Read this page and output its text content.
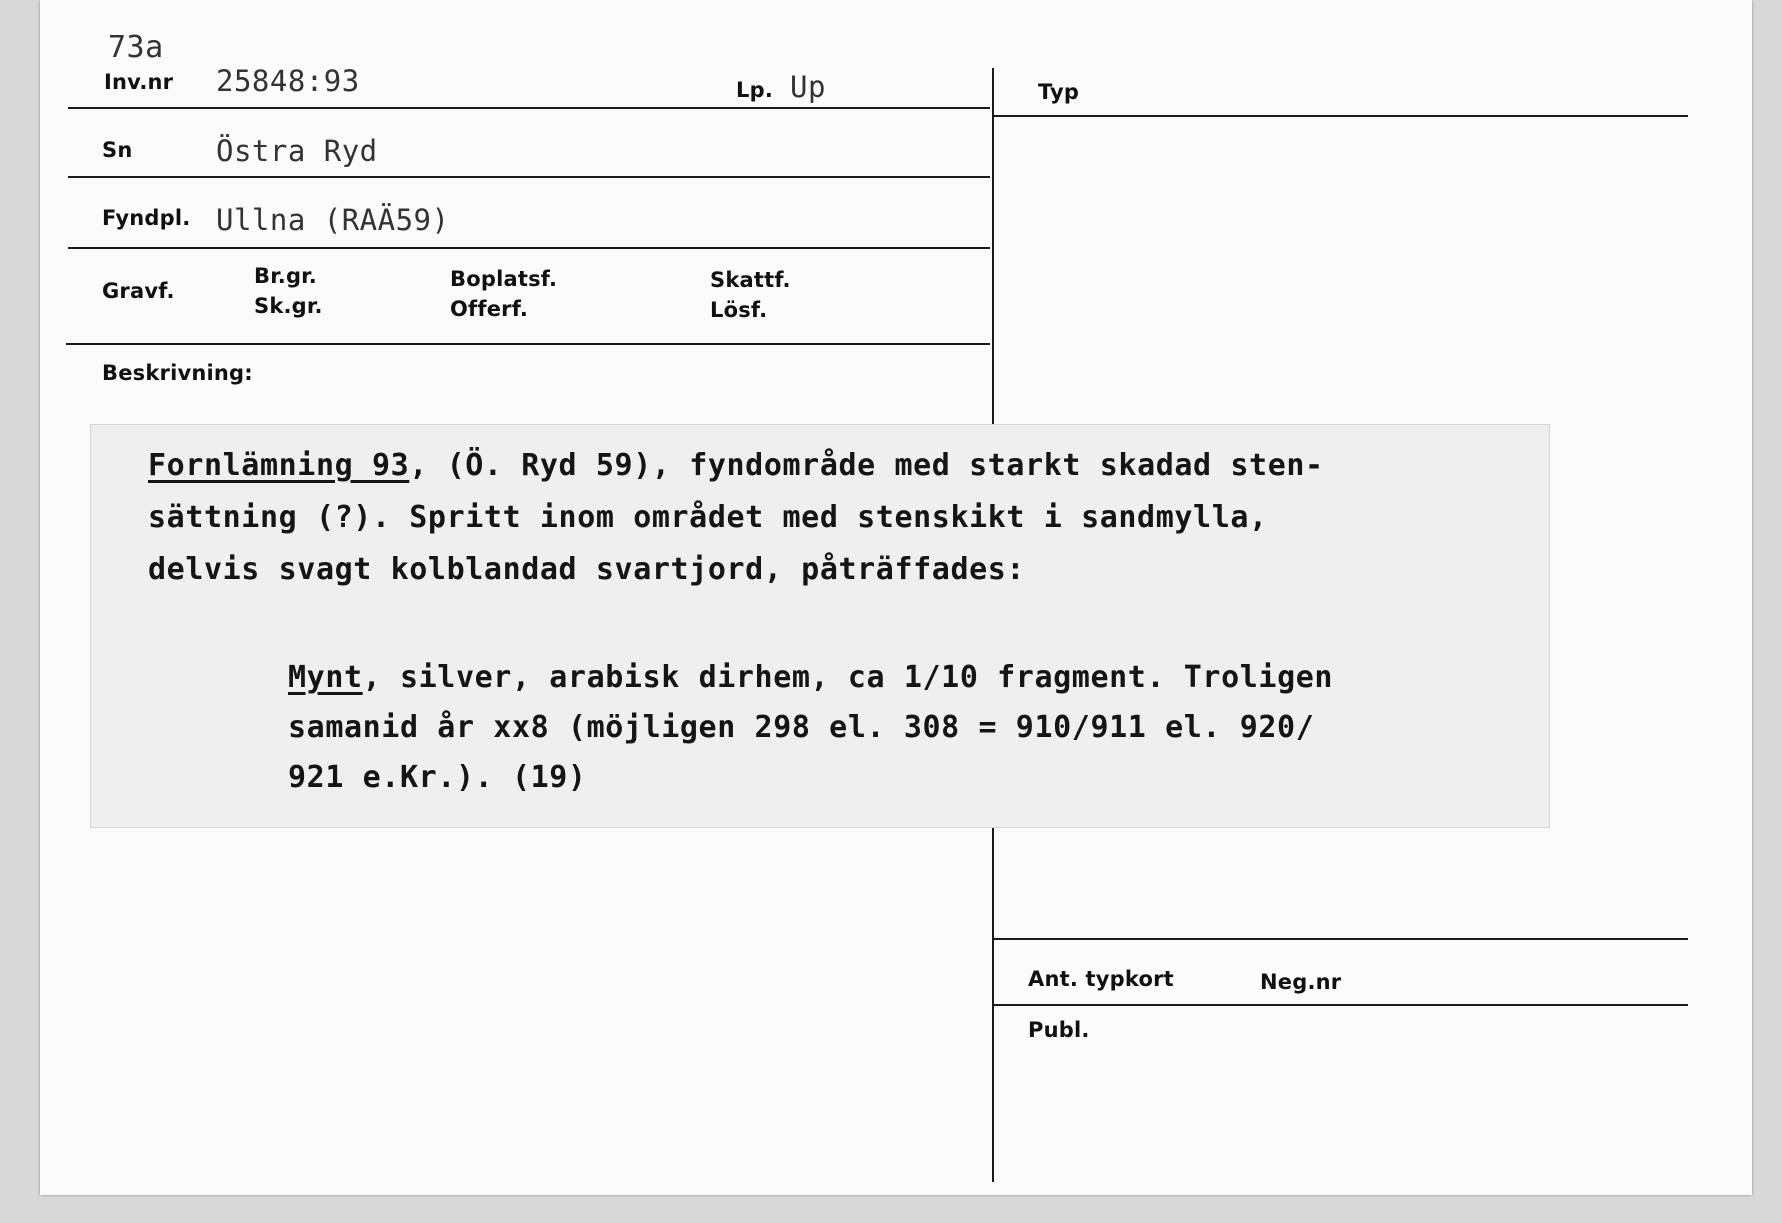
73a
Inv.nr 25848:93	Lp. Up	Typ
Sn	Östra Ryd
Fyndpl. Ullna (RAÄ59)
Gravf.
Br.gr.
Sk.gr.
Boplatsf.
Offerf.
Skattf.
Lösf.
Beskrivning:
Fornlämning 93, (Ö. Ryd 59), fyndområde med starkt skadad sten-
sättning (?). Spritt inom området med stenskikt i sandmylla,
delvis svagt kolblandad svartjord, påträffades:
Mynt, silver, arabisk dirhem, ca 1/10 fragment. Troligen
samanid år xx8 (möjligen 298 el. 308 = 910/911 el. 920/
921 e.Kr.). (19)
Ant. typkort	Neg.nr
Publ.
